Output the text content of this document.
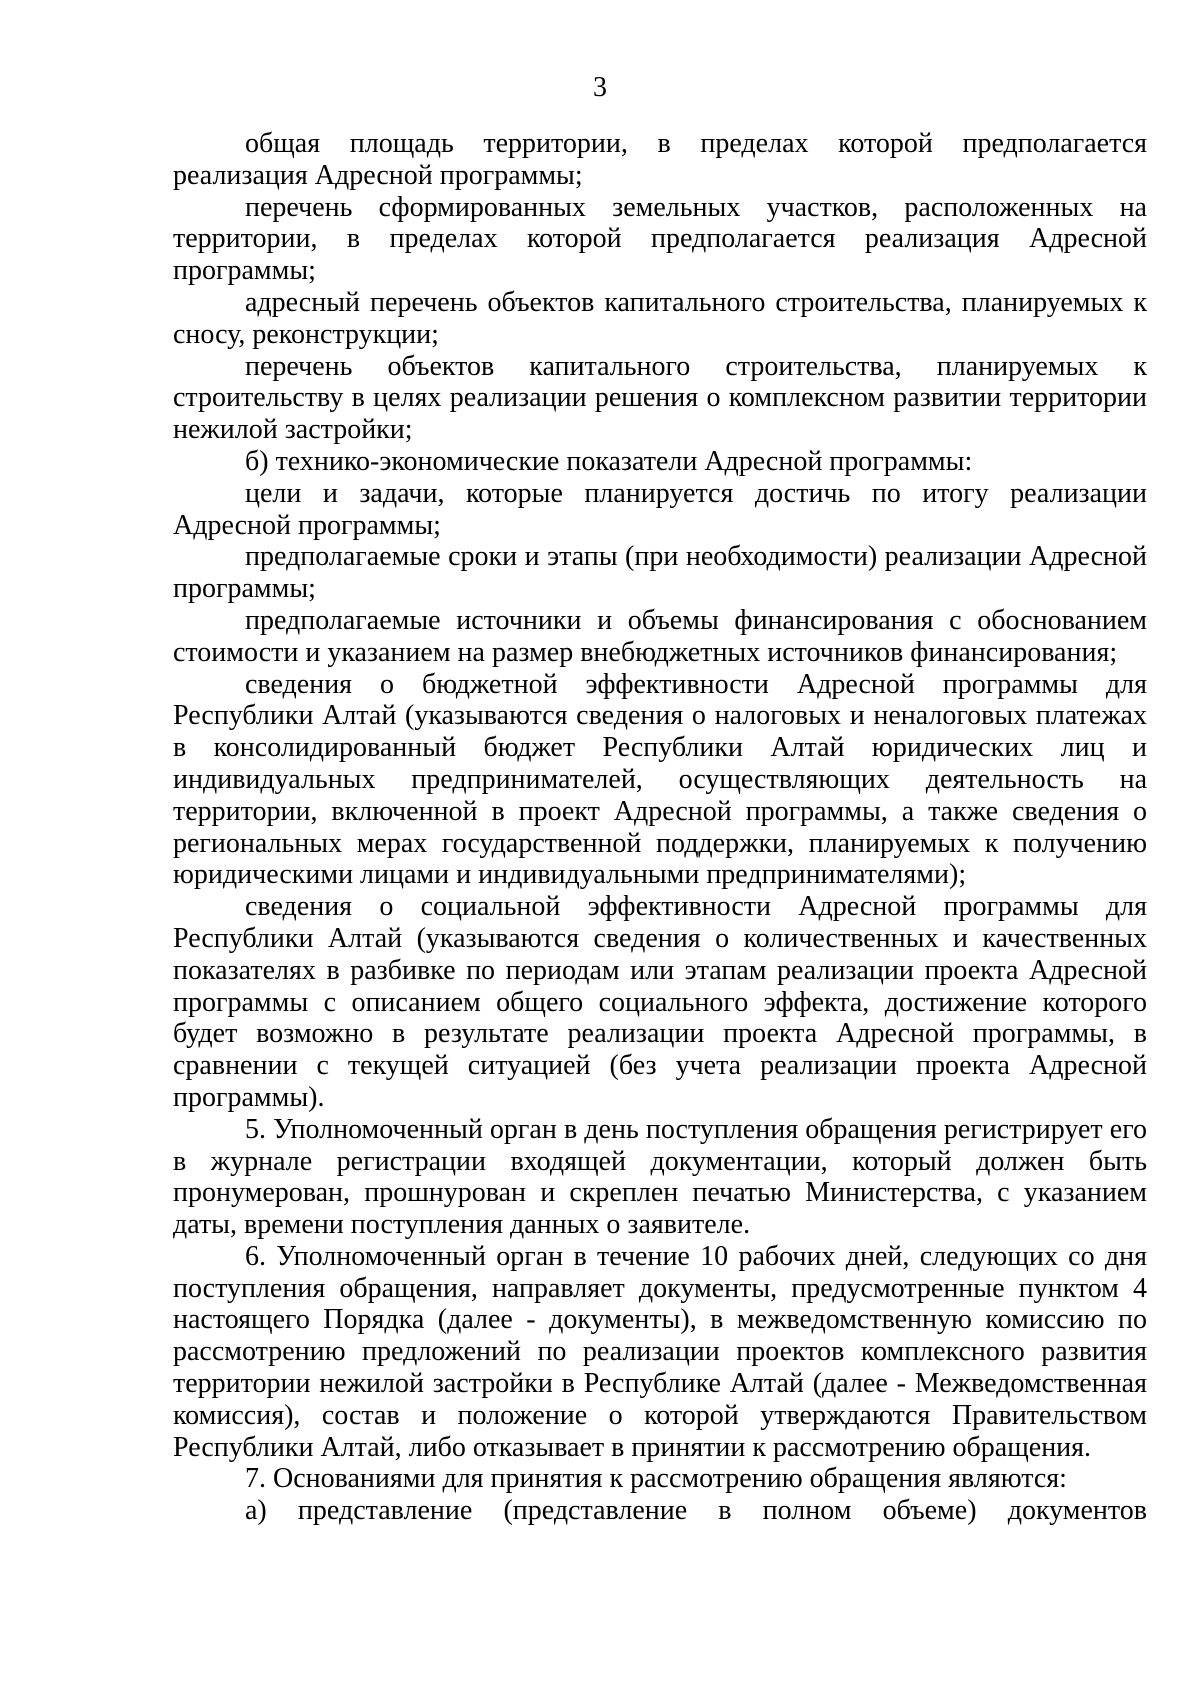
3

общая площадь территории, в пределах которой предполагается реализация Адресной программы;

перечень сформированных земельных участков, расположенных на территории, в пределах которой предполагается реализация Адресной программы;

адресный перечень объектов капитального строительства, планируемых к сносу, реконструкции;

перечень объектов капитального строительства, планируемых к строительству в целях реализации решения о комплексном развитии территории нежилой застройки;

б) технико-экономические показатели Адресной программы:

цели и задачи, которые планируется достичь по итогу реализации Адресной программы;

предполагаемые сроки и этапы (при необходимости) реализации Адресной программы;

предполагаемые источники и объемы финансирования с обоснованием стоимости и указанием на размер внебюджетных источников финансирования;

сведения о бюджетной эффективности Адресной программы для Республики Алтай (указываются сведения о налоговых и неналоговых платежах в консолидированный бюджет Республики Алтай юридических лиц и индивидуальных предпринимателей, осуществляющих деятельность на территории, включенной в проект Адресной программы, а также сведения о региональных мерах государственной поддержки, планируемых к получению юридическими лицами и индивидуальными предпринимателями);

сведения о социальной эффективности Адресной программы для Республики Алтай (указываются сведения о количественных и качественных показателях в разбивке по периодам или этапам реализации проекта Адресной программы с описанием общего социального эффекта, достижение которого будет возможно в результате реализации проекта Адресной программы, в сравнении с текущей ситуацией (без учета реализации проекта Адресной программы).

5. Уполномоченный орган в день поступления обращения регистрирует его в журнале регистрации входящей документации, который должен быть пронумерован, прошнурован и скреплен печатью Министерства, с указанием даты, времени поступления данных о заявителе.

6. Уполномоченный орган в течение 10 рабочих дней, следующих со дня поступления обращения, направляет документы, предусмотренные пунктом 4 настоящего Порядка (далее - документы), в межведомственную комиссию по рассмотрению предложений по реализации проектов комплексного развития территории нежилой застройки в Республике Алтай (далее - Межведомственная комиссия), состав и положение о которой утверждаются Правительством Республики Алтай, либо отказывает в принятии к рассмотрению обращения.

7. Основаниями для принятия к рассмотрению обращения являются:

а) представление (представление в полном объеме) документов
